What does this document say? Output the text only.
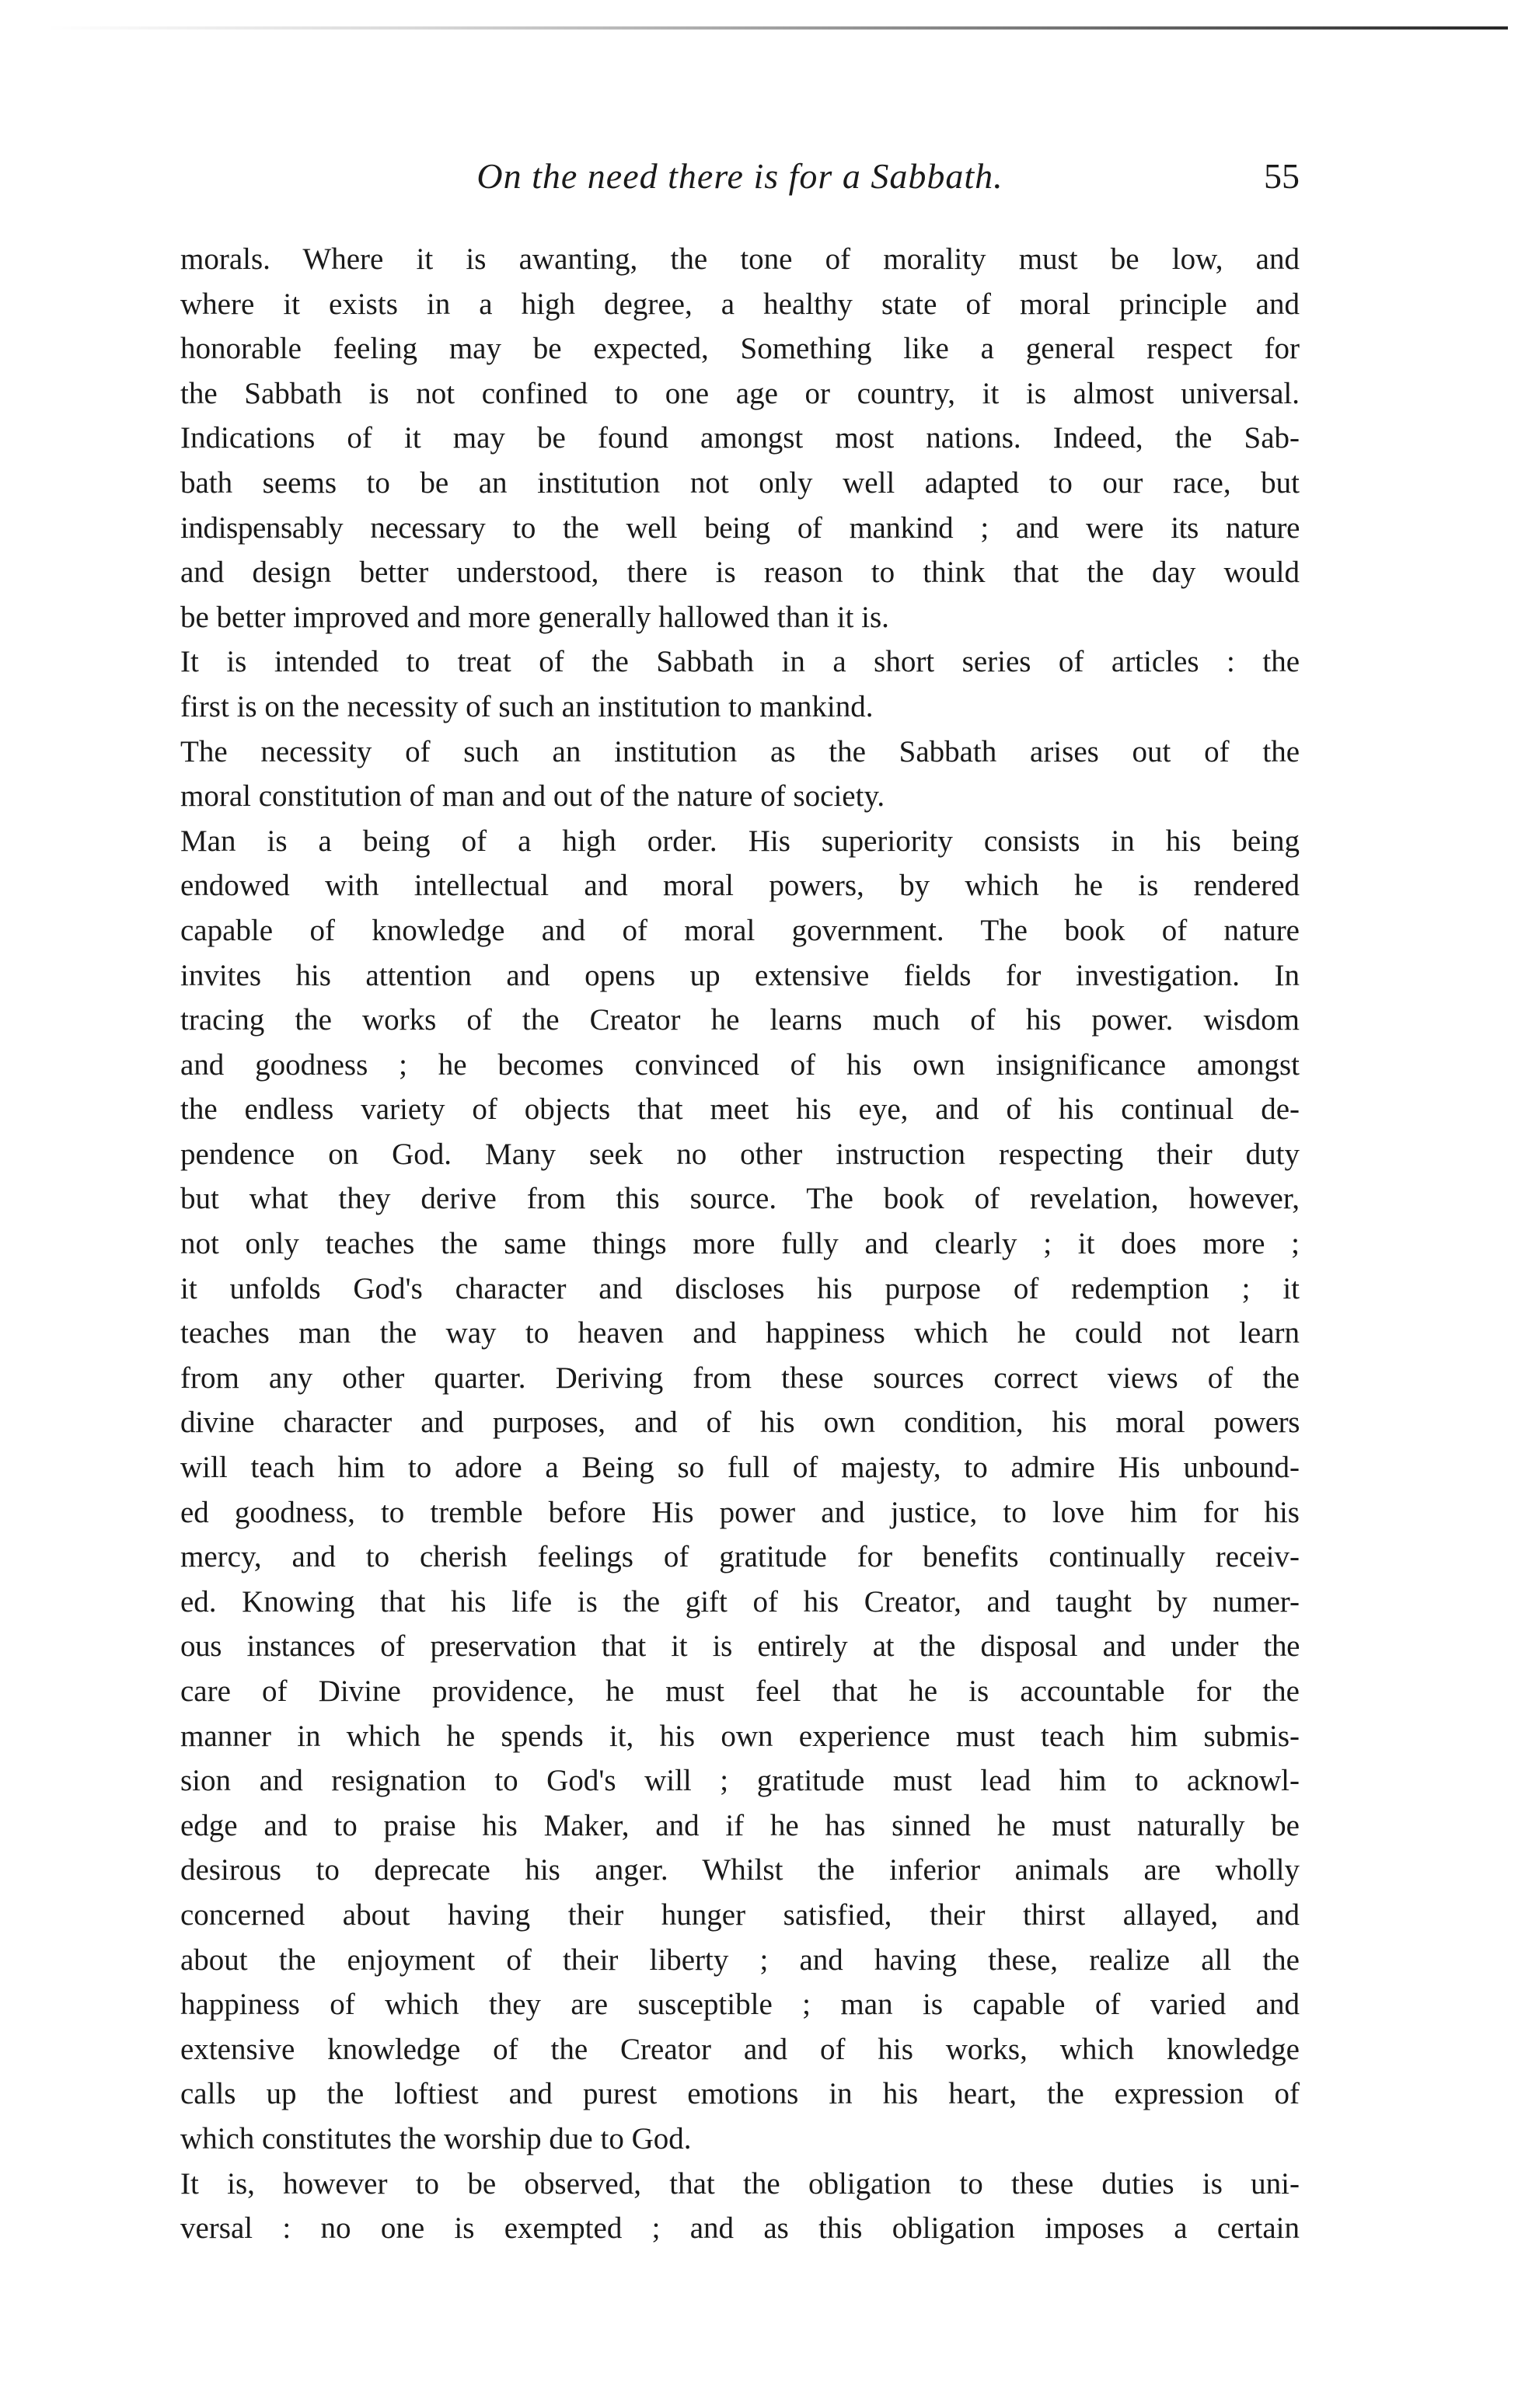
On the need there is for a Sabbath.	55
morals. Where it is awanting, the tone of morality must be low, and
where it exists in a high degree, a healthy state of moral principle and
honorable feeling may be expected, Something like a general respect for
the Sabbath is not confined to one age or country, it is almost universal.
Indications of it may be found amongst most nations. Indeed, the Sab-
bath seems to be an institution not only well adapted to our race, but
indispensably necessary to the well being of mankind ; and were its nature
and design better understood, there is reason to think that the day would
be better improved and more generally hallowed than it is.
It is intended to treat of the Sabbath in a short series of articles : the
first is on the necessity of such an institution to mankind.
The necessity of such an institution as the Sabbath arises out of the
moral constitution of man and out of the nature of society.
Man is a being of a high order. His superiority consists in his being
endowed with intellectual and moral powers, by which he is rendered
capable of knowledge and of moral government. The book of nature
invites his attention and opens up extensive fields for investigation. In
tracing the works of the Creator he learns much of his power. wisdom
and goodness ; he becomes convinced of his own insignificance amongst
the endless variety of objects that meet his eye, and of his continual de-
pendence on God. Many seek no other instruction respecting their duty
but what they derive from this source. The book of revelation, however,
not only teaches the same things more fully and clearly ; it does more ;
it unfolds God's character and discloses his purpose of redemption ; it
teaches man the way to heaven and happiness which he could not learn
from any other quarter. Deriving from these sources correct views of the
divine character and purposes, and of his own condition, his moral powers
will teach him to adore a Being so full of majesty, to admire His unbound-
ed goodness, to tremble before His power and justice, to love him for his
mercy, and to cherish feelings of gratitude for benefits continually receiv-
ed. Knowing that his life is the gift of his Creator, and taught by numer-
ous instances of preservation that it is entirely at the disposal and under the
care of Divine providence, he must feel that he is accountable for the
manner in which he spends it, his own experience must teach him submis-
sion and resignation to God's will ; gratitude must lead him to acknowl-
edge and to praise his Maker, and if he has sinned he must naturally be
desirous to deprecate his anger. Whilst the inferior animals are wholly
concerned about having their hunger satisfied, their thirst allayed, and
about the enjoyment of their liberty ; and having these, realize all the
happiness of which they are susceptible ; man is capable of varied and
extensive knowledge of the Creator and of his works, which knowledge
calls up the loftiest and purest emotions in his heart, the expression of
which constitutes the worship due to God.
It is, however to be observed, that the obligation to these duties is uni-
versal : no one is exempted ; and as this obligation imposes a certain
